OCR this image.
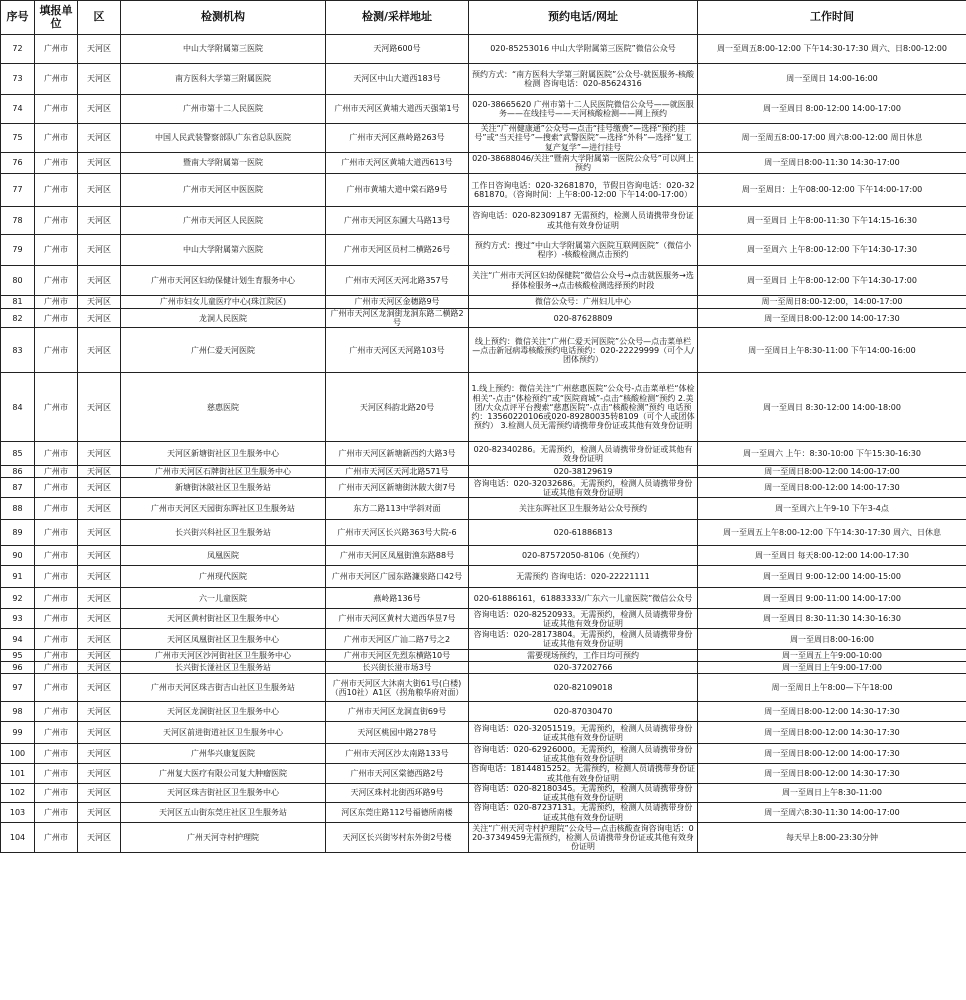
序号	填报单位	区	检测机构	检测/采样地址	预约电话/网址	工作时间
72	广州市	天河区	中山大学附属第三医院	天河路600号	020-85253016 中山大学附属第三医院”微信公众号	周一至周五8:00-12:00 下午14:30-17:30 周六、日8:00-12:00
73	广州市	天河区	南方医科大学第三附属医院	天河区中山大道西183号	预约方式：“南方医科大学第三附属医院”公众号-就医服务-核酸检测 咨询电话：020-85624316	周一至周日 14:00-16:00
74	广州市	天河区	广州市第十二人民医院	广州市天河区黄埔大道西天强第1号	020-38665620 广州市第十二人民医院微信公众号——就医服务——在线挂号——天河核酸检测——网上预约	周一至周日 8:00-12:00 14:00-17:00
75	广州市	天河区	中国人民武装警察部队广东省总队医院	广州市天河区燕岭路263号	关注“广州健康通”公众号—点击“挂号缴费”—选择“预约挂号”或“当天挂号”—搜索“武警医院”—选择“外科”—选择“复工复产复学”—进行挂号	周一至周五8:00-17:00 周六8:00-12:00 周日休息
76	广州市	天河区	暨南大学附属第一医院	广州市天河区黄埔大道西613号	020-38688046/关注“暨南大学附属第一医院公众号”可以网上预约	周一至周日8:00-11:30 14:30-17:00
77	广州市	天河区	广州市天河区中医医院	广州市黄埔大道中棠石路9号	工作日咨询电话：020-32681870，节假日咨询电话：020-32681870。（咨询时间：上午8:00-12:00 下午14:00-17:00）	周一至周日：上午08:00-12:00 下午14:00-17:00
78	广州市	天河区	广州市天河区人民医院	广州市天河区东圃大马路13号	咨询电话：020-82309187 无需预约，检测人员请携带身份证或其他有效身份证明	周一至周日 上午8:00-11:30 下午14:15-16:30
79	广州市	天河区	中山大学附属第六医院	广州市天河区员村二横路26号	预约方式：搜过“中山大学附属第六医院互联网医院”（微信小程序）-核酸检测点击预约	周一至周六 上午8:00-12:00 下午14:30-17:30
80	广州市	天河区	广州市天河区妇幼保健计划生育服务中心	广州市天河区天河北路357号	关注“广州市天河区妇幼保健院”微信公众号→点击就医服务→选择体检服务→点击核酸检测选择预约时段	周一至周日 上午8:00-12:00 下午14:30-17:00
81	广州市	天河区	广州市妇女儿童医疗中心(珠江院区)	广州市天河区金穗路9号	微信公众号：广州妇儿中心	周一至周日8:00-12:00，14:00-17:00
82	广州市	天河区	龙洞人民医院	广州市天河区龙洞街龙洞东路二横路2号	020-87628809	周一至周日8:00-12:00 14:00-17:30
83	广州市	天河区	广州仁爱天河医院	广州市天河区天河路103号	线上预约：微信关注“广州仁爱天河医院”公众号—点击菜单栏—点击新冠病毒核酸预约电话预约：020-22229999（可个人/团体预约）	周一至周日上午8:30-11:00 下午14:00-16:00
84	广州市	天河区	慈惠医院	天河区科韵北路20号	1.线上预约：微信关注“广州慈惠医院”公众号-点击菜单栏“体检相关”-点击“体检预约”或“医院商城”-点击“核酸检测”预约 2.美团/大众点评平台搜索“慈惠医院”-点击“核酸检测”预约 电话预约：13560220106或020-89280035转8109（可个人或团体预约） 3.检测人员无需预约请携带身份证或其他有效身份证明	周一至周日 8:30-12:00 14:00-18:00
85	广州市	天河区	天河区新塘街社区卫生服务中心	广州市天河区新塘新西约大路3号	020-82340286。无需预约，检测人员请携带身份证或其他有效身份证明	周一至周六 上午：8:30-10:00 下午15:30-16:30
86	广州市	天河区	广州市天河区石牌街社区卫生服务中心	广州市天河区天河北路571号	020-38129619	周一至周日8:00-12:00 14:00-17:00
87	广州市	天河区	新塘街沐陂社区卫生服务站	广州市天河区新塘街沐陂大街7号	咨询电话：020-32032686。无需预约，检测人员请携带身份证或其他有效身份证明	周一至周日8:00-12:00 14:00-17:30
88	广州市	天河区	广州市天河区天园街东晖社区卫生服务站	东方二路113中学斜对面	关注东晖社区卫生服务站公众号预约	周一至周六上午9-10 下午3-4点
89	广州市	天河区	长兴街兴科社区卫生服务站	广州市天河区长兴路363号大院-6	020-61886813	周一至周五上午8:00-12:00 下午14:30-17:30 周六、日休息
90	广州市	天河区	凤凰医院	广州市天河区凤凰街渔东路88号	020-87572050-8106（免预约）	周一至周日 每天8:00-12:00 14:00-17:30
91	广州市	天河区	广州现代医院	广州市天河区广园东路濂泉路口42号	无需预约 咨询电话：020-22221111	周一至周日 9:00-12:00 14:00-15:00
92	广州市	天河区	六一儿童医院	燕岭路136号	020-61886161，61883333/广东六一儿童医院”微信公众号	周一至周日 9:00-11:00 14:00-17:00
93	广州市	天河区	天河区黄村街社区卫生服务中心	广州市天河区黄村大道西华昱7号	咨询电话：020-82520933。无需预约，检测人员请携带身份证或其他有效身份证明	周一至周日 8:30-11:30 14:30-16:30
94	广州市	天河区	天河区凤凰街社区卫生服务中心	广州市天河区广汕二路7号之2	咨询电话：020-28173804。无需预约，检测人员请携带身份证或其他有效身份证明	周一至周日8:00-16:00
95	广州市	天河区	广州市天河区沙河街社区卫生服务中心	广州市天河区先烈东横路10号	需要现场预约，工作日均可预约	周一至周五上午9:00-10:00
96	广州市	天河区	长兴街长湴社区卫生服务站	长兴街长湴市场3号	020-37202766	周一至周日上午9:00-17:00
97	广州市	天河区	广州市天河区珠吉街吉山社区卫生服务站	广州市天河区大沐南大街61号(白楼)（西10社）A1区（拐角粮华府对面）	020-82109018	周一至周日上午8:00—下午18:00
98	广州市	天河区	天河区龙洞街社区卫生服务中心	广州市天河区龙洞直街69号	020-87030470	周一至周日8:00-12:00 14:30-17:30
99	广州市	天河区	天河区前进街道社区卫生服务中心	天河区桃园中路278号	咨询电话：020-32051519。无需预约，检测人员请携带身份证或其他有效身份证明	周一至周日8:00-12:00 14:30-17:30
100	广州市	天河区	广州华兴康复医院	广州市天河区沙太南路133号	咨询电话：020-62926000。无需预约，检测人员请携带身份证或其他有效身份证明	周一至周日8:00-12:00 14:00-17:30
101	广州市	天河区	广州复大医疗有限公司复大肿瘤医院	广州市天河区棠德西路2号	咨询电话：18144815252。无需预约，检测人员请携带身份证或其他有效身份证明	周一至周日8:00-12:00 14:30-17:30
102	广州市	天河区	天河区珠吉街社区卫生服务中心	天河区珠村北街西环路9号	咨询电话：020-82180345。无需预约，检测人员请携带身份证或其他有效身份证明	周一至周日上午8:30-11:00
103	广州市	天河区	天河区五山街东莞庄社区卫生服务站	河区东莞庄路112号福德所南楼	咨询电话：020-87237131。无需预约，检测人员请携带身份证或其他有效身份证明	周一至周六8:30-11:30 14:00-17:00
104	广州市	天河区	广州天河寺村护理院	天河区长兴街岑村东外街2号楼	关注“广州天河寺村护理院”公众号—点击核酸查询咨询电话：020-37349459无需预约，检测人员请携带身份证或其他有效身份证明	每天早上8:00-23:30分钟
